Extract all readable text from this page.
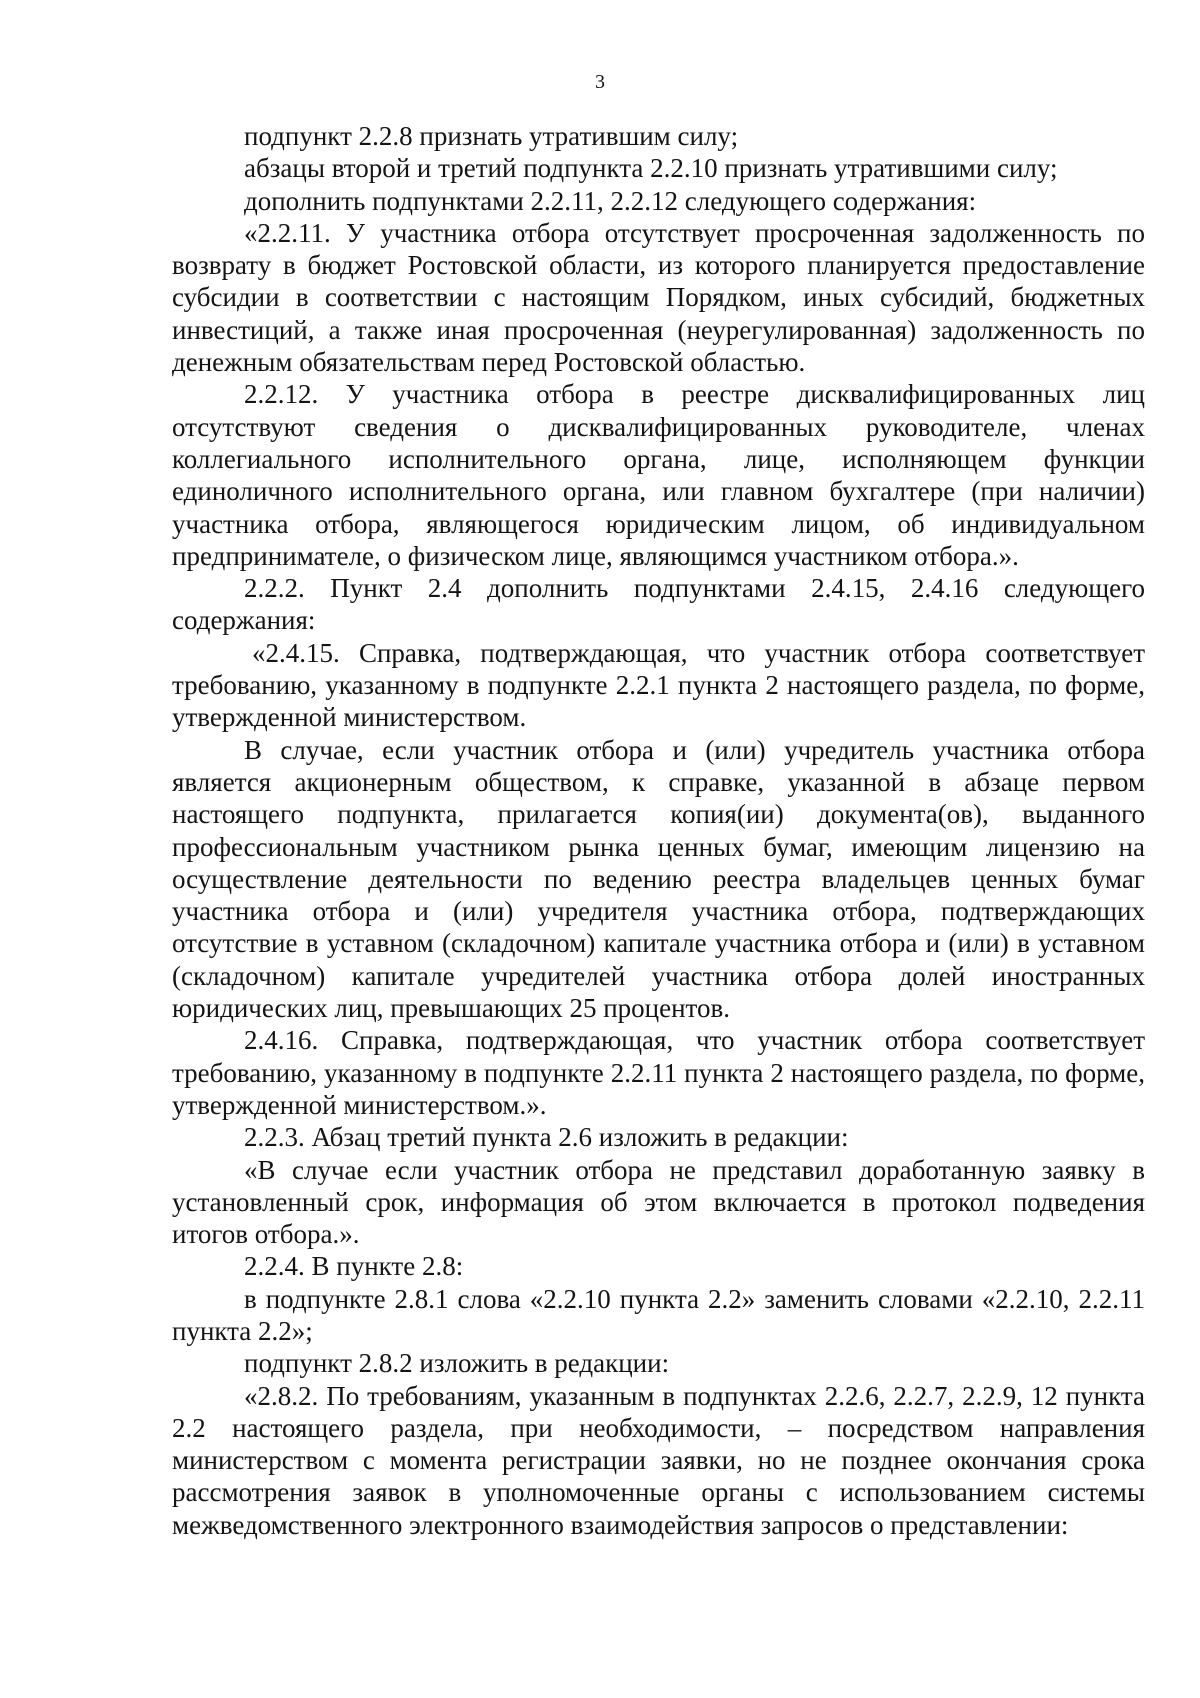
3

подпункт 2.2.8 признать утратившим силу;

абзацы второй и третий подпункта 2.2.10 признать утратившими силу;

дополнить подпунктами 2.2.11, 2.2.12 следующего содержания:

«2.2.11. У участника отбора отсутствует просроченная задолженность по возврату в бюджет Ростовской области, из которого планируется предоставление субсидии в соответствии с настоящим Порядком, иных субсидий, бюджетных инвестиций, а также иная просроченная (неурегулированная) задолженность по денежным обязательствам перед Ростовской областью.

2.2.12. У участника отбора в реестре дисквалифицированных лиц отсутствуют сведения о дисквалифицированных руководителе, членах коллегиального исполнительного органа, лице, исполняющем функции единоличного исполнительного органа, или главном бухгалтере (при наличии) участника отбора, являющегося юридическим лицом, об индивидуальном предпринимателе, о физическом лице, являющимся участником отбора.».

2.2.2. Пункт 2.4 дополнить подпунктами 2.4.15, 2.4.16 следующего содержания:

«2.4.15. Справка, подтверждающая, что участник отбора соответствует требованию, указанному в подпункте 2.2.1 пункта 2 настоящего раздела, по форме, утвержденной министерством.

В случае, если участник отбора и (или) учредитель участника отбора является акционерным обществом, к справке, указанной в абзаце первом настоящего подпункта, прилагается копия(ии) документа(ов), выданного профессиональным участником рынка ценных бумаг, имеющим лицензию на осуществление деятельности по ведению реестра владельцев ценных бумаг участника отбора и (или) учредителя участника отбора, подтверждающих отсутствие в уставном (складочном) капитале участника отбора и (или) в уставном (складочном) капитале учредителей участника отбора долей иностранных юридических лиц, превышающих 25 процентов.

2.4.16. Справка, подтверждающая, что участник отбора соответствует требованию, указанному в подпункте 2.2.11 пункта 2 настоящего раздела, по форме, утвержденной министерством.».

2.2.3. Абзац третий пункта 2.6 изложить в редакции:

«В случае если участник отбора не представил доработанную заявку в установленный срок, информация об этом включается в протокол подведения итогов отбора.».

2.2.4. В пункте 2.8:

в подпункте 2.8.1 слова «2.2.10 пункта 2.2» заменить словами «2.2.10, 2.2.11 пункта 2.2»;

подпункт 2.8.2 изложить в редакции:

«2.8.2. По требованиям, указанным в подпунктах 2.2.6, 2.2.7, 2.2.9, 12 пункта 2.2 настоящего раздела, при необходимости, – посредством направления министерством с момента регистрации заявки, но не позднее окончания срока рассмотрения заявок в уполномоченные органы с использованием системы межведомственного электронного взаимодействия запросов о представлении:
